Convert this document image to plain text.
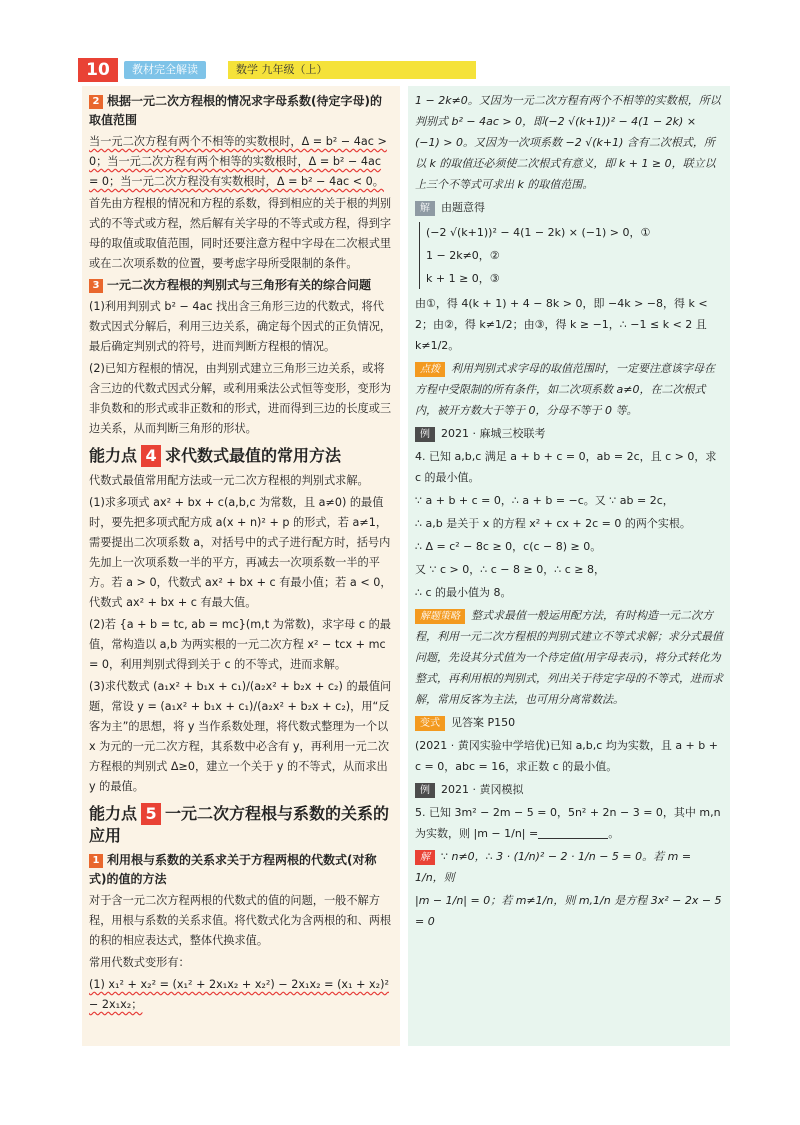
10	教材完全解读	数学 九年级（上）
2 根据一元二次方程根的情况求字母系数(待定字母)的取值范围

当一元二次方程有两个不相等的实数根时，Δ = b² − 4ac > 0；当一元二次方程有两个相等的实数根时，Δ = b² − 4ac = 0；当一元二次方程没有实数根时，Δ = b² − 4ac < 0。

首先由方程根的情况和方程的系数，得到相应的关于根的判别式的不等式或方程，然后解有关字母的不等式或方程，得到字母的取值或取值范围，同时还要注意方程中字母在二次根式里或在二次项系数的位置，要考虑字母所受限制的条件。

3 一元二次方程根的判别式与三角形有关的综合问题

(1)利用判别式 b² − 4ac 找出含三角形三边的代数式，将代数式因式分解后，利用三边关系，确定每个因式的正负情况，最后确定判别式的符号，进而判断方程根的情况。

(2)已知方程根的情况，由判别式建立三角形三边关系，或将含三边的代数式因式分解，或利用乘法公式恒等变形，变形为非负数和的形式或非正数和的形式，进而得到三边的长度或三边关系，从而判断三角形的形状。

能力点 4 求代数式最值的常用方法

代数式最值常用配方法或一元二次方程根的判别式求解。

(1)求多项式 ax² + bx + c(a,b,c 为常数，且 a≠0) 的最值时，要先把多项式配方成 a(x + n)² + p 的形式，若 a≠1，需要提出二次项系数 a，对括号中的式子进行配方时，括号内先加上一次项系数一半的平方，再减去一次项系数一半的平方。若 a > 0，代数式 ax² + bx + c 有最小值；若 a < 0，代数式 ax² + bx + c 有最大值。

(2)若 {a + b = tc, ab = mc}(m,t 为常数)，求字母 c 的最值，常构造以 a,b 为两实根的一元二次方程 x² − tcx + mc = 0，利用判别式得到关于 c 的不等式，进而求解。

(3)求代数式 (a₁x² + b₁x + c₁)/(a₂x² + b₂x + c₂) 的最值问题，常设 y = (a₁x² + b₁x + c₁)/(a₂x² + b₂x + c₂)，用“反客为主”的思想，将 y 当作系数处理，将代数式整理为一个以 x 为元的一元二次方程，其系数中必含有 y，再利用一元二次方程根的判别式 Δ≥0，建立一个关于 y 的不等式，从而求出 y 的最值。

能力点 5 一元二次方程根与系数的关系的应用
1 利用根与系数的关系求关于方程两根的代数式(对称式)的值的方法

对于含一元二次方程两根的代数式的值的问题，一般不解方程，用根与系数的关系求值。将代数式化为含两根的和、两根的积的相应表达式，整体代换求值。

常用代数式变形有：

(1) x₁² + x₂² = (x₁² + 2x₁x₂ + x₂²) − 2x₁x₂ = (x₁ + x₂)² − 2x₁x₂；

1 − 2k≠0。又因为一元二次方程有两个不相等的实数根，所以判别式 b² − 4ac > 0，即(−2 √(k+1))² − 4(1 − 2k) × (−1) > 0。又因为一次项系数 −2 √(k+1) 含有二次根式，所以 k 的取值还必须使二次根式有意义，即 k + 1 ≥ 0，联立以上三个不等式可求出 k 的取值范围。

解 由题意得

(−2 √(k+1))² − 4(1 − 2k) × (−1) > 0，①

1 − 2k≠0，②

k + 1 ≥ 0，③

由①，得 4(k + 1) + 4 − 8k > 0，即 −4k > −8，得 k < 2；由②，得 k≠1/2；由③，得 k ≥ −1，∴ −1 ≤ k < 2 且 k≠1/2。

点拨 利用判别式求字母的取值范围时，一定要注意该字母在方程中受限制的所有条件，如二次项系数 a≠0，在二次根式内，被开方数大于等于 0，分母不等于 0 等。

例 2021 · 麻城三校联考

4. 已知 a,b,c 满足 a + b + c = 0，ab = 2c，且 c > 0，求 c 的最小值。

∵ a + b + c = 0，∴ a + b = −c。又 ∵ ab = 2c，

∴ a,b 是关于 x 的方程 x² + cx + 2c = 0 的两个实根。

∴ Δ = c² − 8c ≥ 0，c(c − 8) ≥ 0。

又 ∵ c > 0，∴ c − 8 ≥ 0，∴ c ≥ 8，

∴ c 的最小值为 8。

解题策略 整式求最值一般运用配方法，有时构造一元二次方程，利用一元二次方程根的判别式建立不等式求解；求分式最值问题，先设其分式值为一个待定值(用字母表示)，将分式转化为整式，再利用根的判别式，列出关于待定字母的不等式，进而求解，常用反客为主法，也可用分离常数法。

变式 见答案 P150

(2021 · 黄冈实验中学培优)已知 a,b,c 均为实数，且 a + b + c = 0，abc = 16，求正数 c 的最小值。

例 2021 · 黄冈模拟

5. 已知 3m² − 2m − 5 = 0，5n² + 2n − 3 = 0，其中 m,n 为实数，则 |m − 1/n| =	。

解 ∵ n≠0，∴ 3 · (1/n)² − 2 · 1/n − 5 = 0。若 m = 1/n，则

|m − 1/n| = 0；若 m≠1/n，则 m,1/n 是方程 3x² − 2x − 5 = 0
